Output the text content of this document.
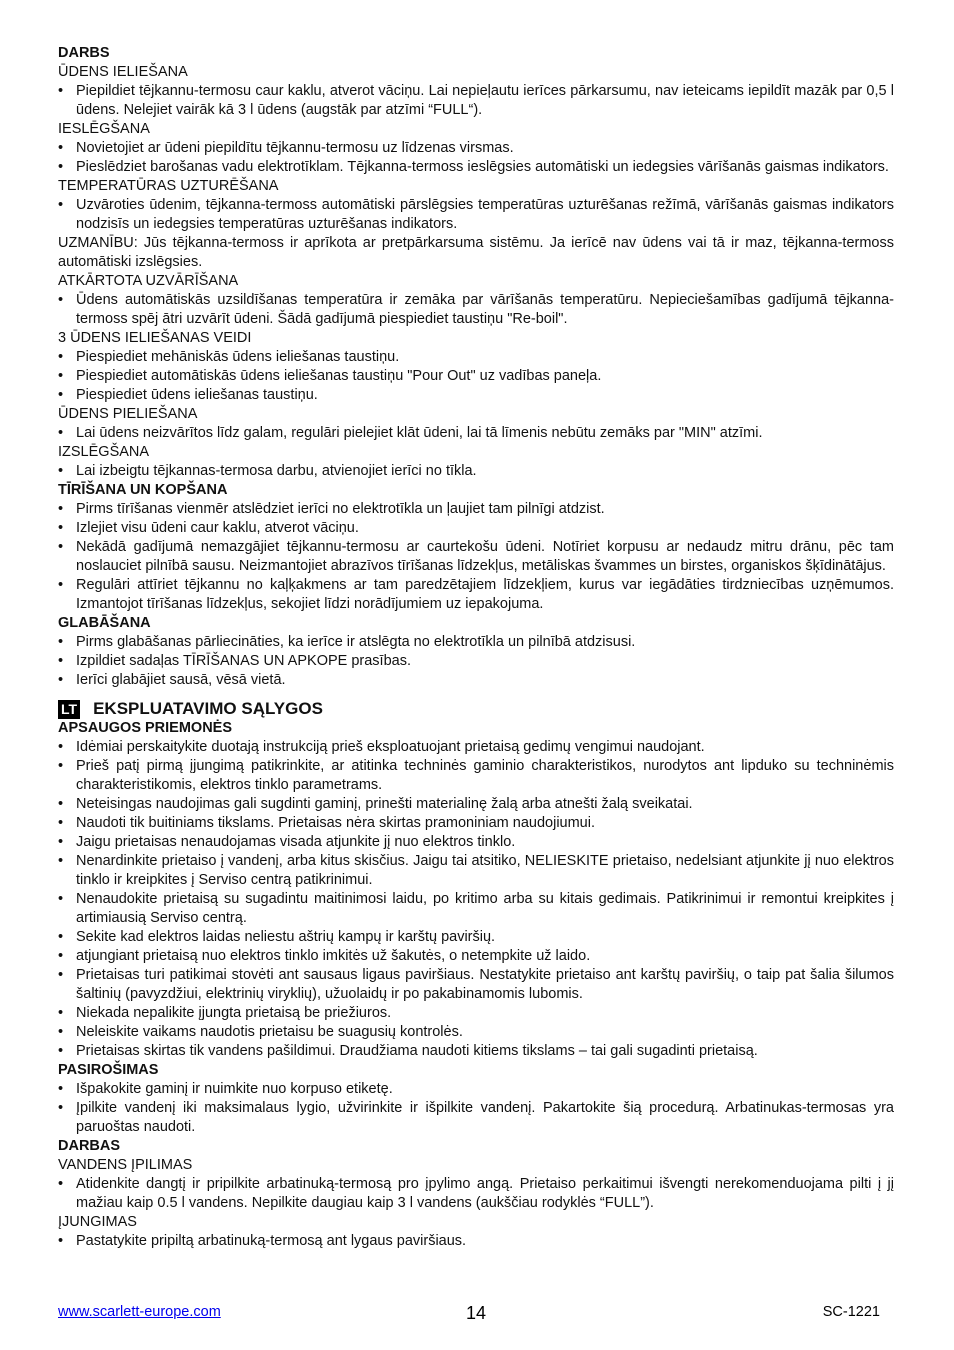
DARBS

ŪDENS IELIEŠANA

• Piepildiet tējkannu-termosu caur kaklu, atverot vāciņu. Lai nepieļautu ierīces pārkarsumu, nav ieteicams iepildīt mazāk par 0,5 l ūdens. Nelejiet vairāk kā 3 l ūdens (augstāk par atzīmi “FULL“).

IESLĒGŠANA

• Novietojiet ar ūdeni piepildītu tējkannu-termosu uz līdzenas virsmas.
• Pieslēdziet barošanas vadu elektrotīklam. Tējkanna-termoss ieslēgsies automātiski un iedegsies vārīšanās gaismas indikators.

TEMPERATŪRAS UZTURĒŠANA

• Uzvāroties ūdenim, tējkanna-termoss automātiski pārslēgsies temperatūras uzturēšanas režīmā, vārīšanās gaismas indikators nodzisīs un iedegsies temperatūras uzturēšanas indikators.

UZMANĪBU: Jūs tējkanna-termoss ir aprīkota ar pretpārkarsuma sistēmu. Ja ierīcē nav ūdens vai tā ir maz, tējkanna-termoss automātiski izslēgsies.

ATKĀRTOTA UZVĀRĪŠANA

• Ūdens automātiskās uzsildīšanas temperatūra ir zemāka par vārīšanās temperatūru. Nepieciešamības gadījumā tējkanna-termoss spēj ātri uzvārīt ūdeni. Šādā gadījumā piespiediet taustiņu "Re-boil".

3 ŪDENS IELIEŠANAS VEIDI

• Piespiediet mehāniskās ūdens ieliešanas taustiņu.
• Piespiediet automātiskās ūdens ieliešanas taustiņu "Pour Out" uz vadības paneļa.
• Piespiediet ūdens ieliešanas taustiņu.

ŪDENS PIELIEŠANA

• Lai ūdens neizvārītos līdz galam, regulāri pielejiet klāt ūdeni, lai tā līmenis nebūtu zemāks par "MIN" atzīmi.

IZSLĒGŠANA

• Lai izbeigtu tējkannas-termosa darbu, atvienojiet ierīci no tīkla.

TĪRĪŠANA UN KOPŠANA

• Pirms tīrīšanas vienmēr atslēdziet ierīci no elektrotīkla un ļaujiet tam pilnīgi atdzist.
• Izlejiet visu ūdeni caur kaklu, atverot vāciņu.
• Nekādā gadījumā nemazgājiet tējkannu-termosu ar caurtekošu ūdeni. Notīriet korpusu ar nedaudz mitru drānu, pēc tam noslauciet pilnībā sausu. Neizmantojiet abrazīvos tīrīšanas līdzekļus, metāliskas švammes un birstes, organiskos šķīdinātājus.
• Regulāri attīriet tējkannu no kaļķakmens ar tam paredzētajiem līdzekļiem, kurus var iegādāties tirdzniecības uzņēmumos. Izmantojot tīrīšanas līdzekļus, sekojiet līdzi norādījumiem uz iepakojuma.

GLABĀŠANA

• Pirms glabāšanas pārliecināties, ka ierīce ir atslēgta no elektrotīkla un pilnībā atdzisusi.
• Izpildiet sadaļas TĪRĪŠANAS UN APKOPE prasības.
• Ierīci glabājiet sausā, vēsā vietā.
LT EKSPLUATAVIMO SĄLYGOS

APSAUGOS PRIEMONĖS

• Idėmiai perskaitykite duotają instrukciją prieš eksploatuojant prietaisą gedimų vengimui naudojant.
• Prieš patį pirmą įjungimą patikrinkite, ar atitinka techninės gaminio charakteristikos, nurodytos ant lipduko su techninėmis charakteristikomis, elektros tinklo parametrams.
• Neteisingas naudojimas gali sugdinti gaminį, prinešti materialinę žalą arba atnešti žalą sveikatai.
• Naudoti tik buitiniams tikslams. Prietaisas nėra skirtas pramoniniam naudojiumui.
• Jaigu prietaisas nenaudojamas visada atjunkite jį nuo elektros tinklo.
• Nenardinkite prietaiso į vandenį, arba kitus skisčius. Jaigu tai atsitiko, NELIESKITE prietaiso, nedelsiant atjunkite jį nuo elektros tinklo ir kreipkites į Serviso centrą patikrinimui.
• Nenaudokite prietaisą su sugadintu maitinimosi laidu, po kritimo arba su kitais gedimais. Patikrinimui ir remontui kreipkites į artimiausią Serviso centrą.
• Sekite kad elektros laidas neliestu aštrių kampų ir karštų paviršių.
• atjungiant prietaisą nuo elektros tinklo imkitės už šakutės, o netempkite už laido.
• Prietaisas turi patikimai stovėti ant sausaus ligaus paviršiaus. Nestatykite prietaiso ant karštų paviršių, o taip pat šalia šilumos šaltinių (pavyzdžiui, elektrinių viryklių), užuolaidų ir po pakabinamomis lubomis.
• Niekada nepalikite įjungta prietaisą be priežiuros.
• Neleiskite vaikams naudotis prietaisu be suagusių kontrolės.
• Prietaisas skirtas tik vandens pašildimui. Draudžiama naudoti kitiems tikslams – tai gali sugadinti prietaisą.

PASIROŠIMAS

• Išpakokite gaminį ir nuimkite nuo korpuso etiketę.
• Įpilkite vandenį iki maksimalaus lygio, užvirinkite ir išpilkite vandenį. Pakartokite šią procedurą. Arbatinukas-termosas yra paruoštas naudoti.

DARBAS

VANDENS ĮPILIMAS

• Atidenkite dangtį ir pripilkite arbatinuką-termosą pro įpylimo angą. Prietaiso perkaitimui išvengti nerekomenduojama pilti į jį mažiau kaip 0.5 l vandens. Nepilkite daugiau kaip 3 l vandens (aukščiau rodyklės “FULL”).

ĮJUNGIMAS

• Pastatykite pripiltą arbatinuką-termosą ant lygaus paviršiaus.
www.scarlett-europe.com	14	SC-1221
